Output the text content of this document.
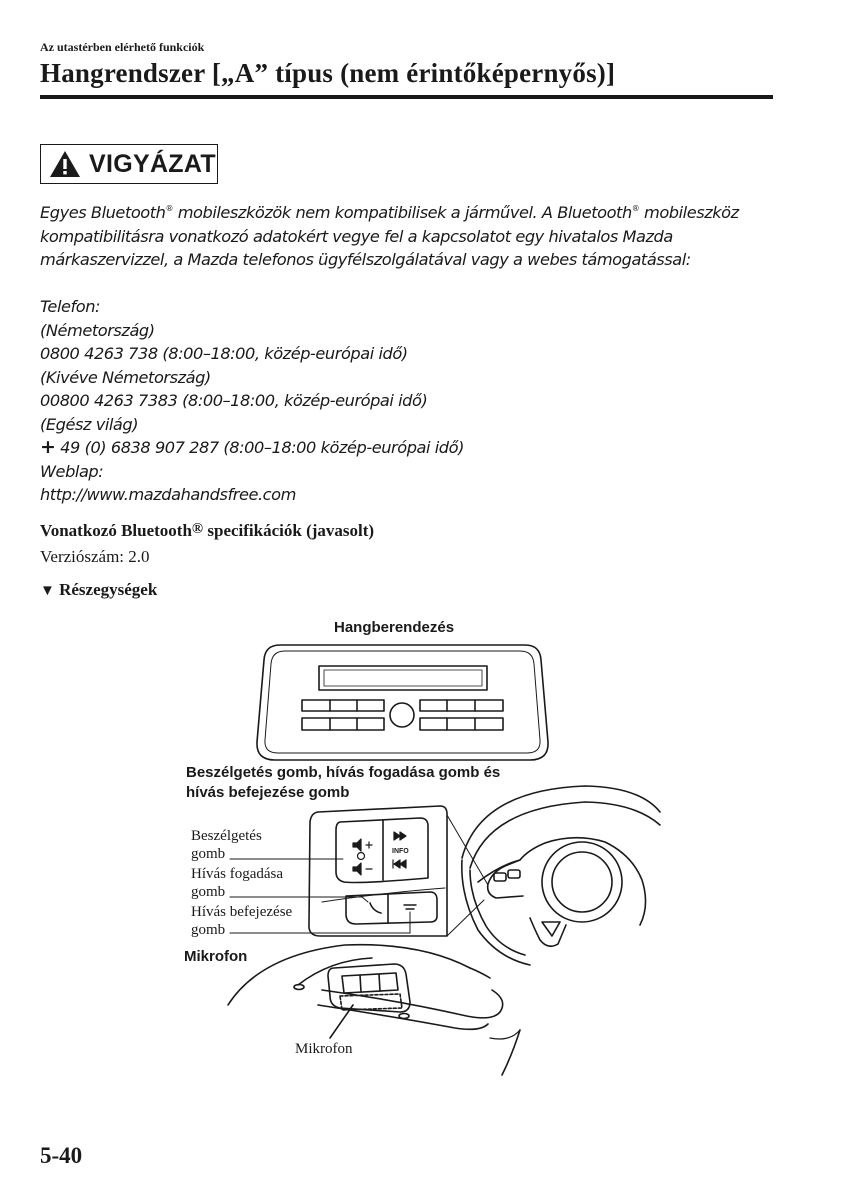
Az utastérben elérhető funkciók
Hangrendszer [„A” típus (nem érintőképernyős)]
VIGYÁZAT
Egyes Bluetooth® mobileszközök nem kompatibilisek a járművel. A Bluetooth® mobileszköz
kompatibilitásra vonatkozó adatokért vegye fel a kapcsolatot egy hivatalos Mazda
márkaszervizzel, a Mazda telefonos ügyfélszolgálatával vagy a webes támogatással:
Telefon:
(Németország)
0800 4263 738 (8:00–18:00, közép-európai idő)
(Kivéve Németország)
00800 4263 7383 (8:00–18:00, közép-európai idő)
(Egész világ)
+ 49 (0) 6838 907 287 (8:00–18:00 közép-európai idő)
Weblap:
http://www.mazdahandsfree.com
Vonatkozó Bluetooth® specifikációk (javasolt)
Verziószám: 2.0
▼ Részegységek
Hangberendezés
Beszélgetés gomb, hívás fogadása gomb és
hívás befejezése gomb
Beszélgetés
gomb
Hívás fogadása
gomb
Hívás befejezése
gomb
Mikrofon
Mikrofon
INFO
5-40
